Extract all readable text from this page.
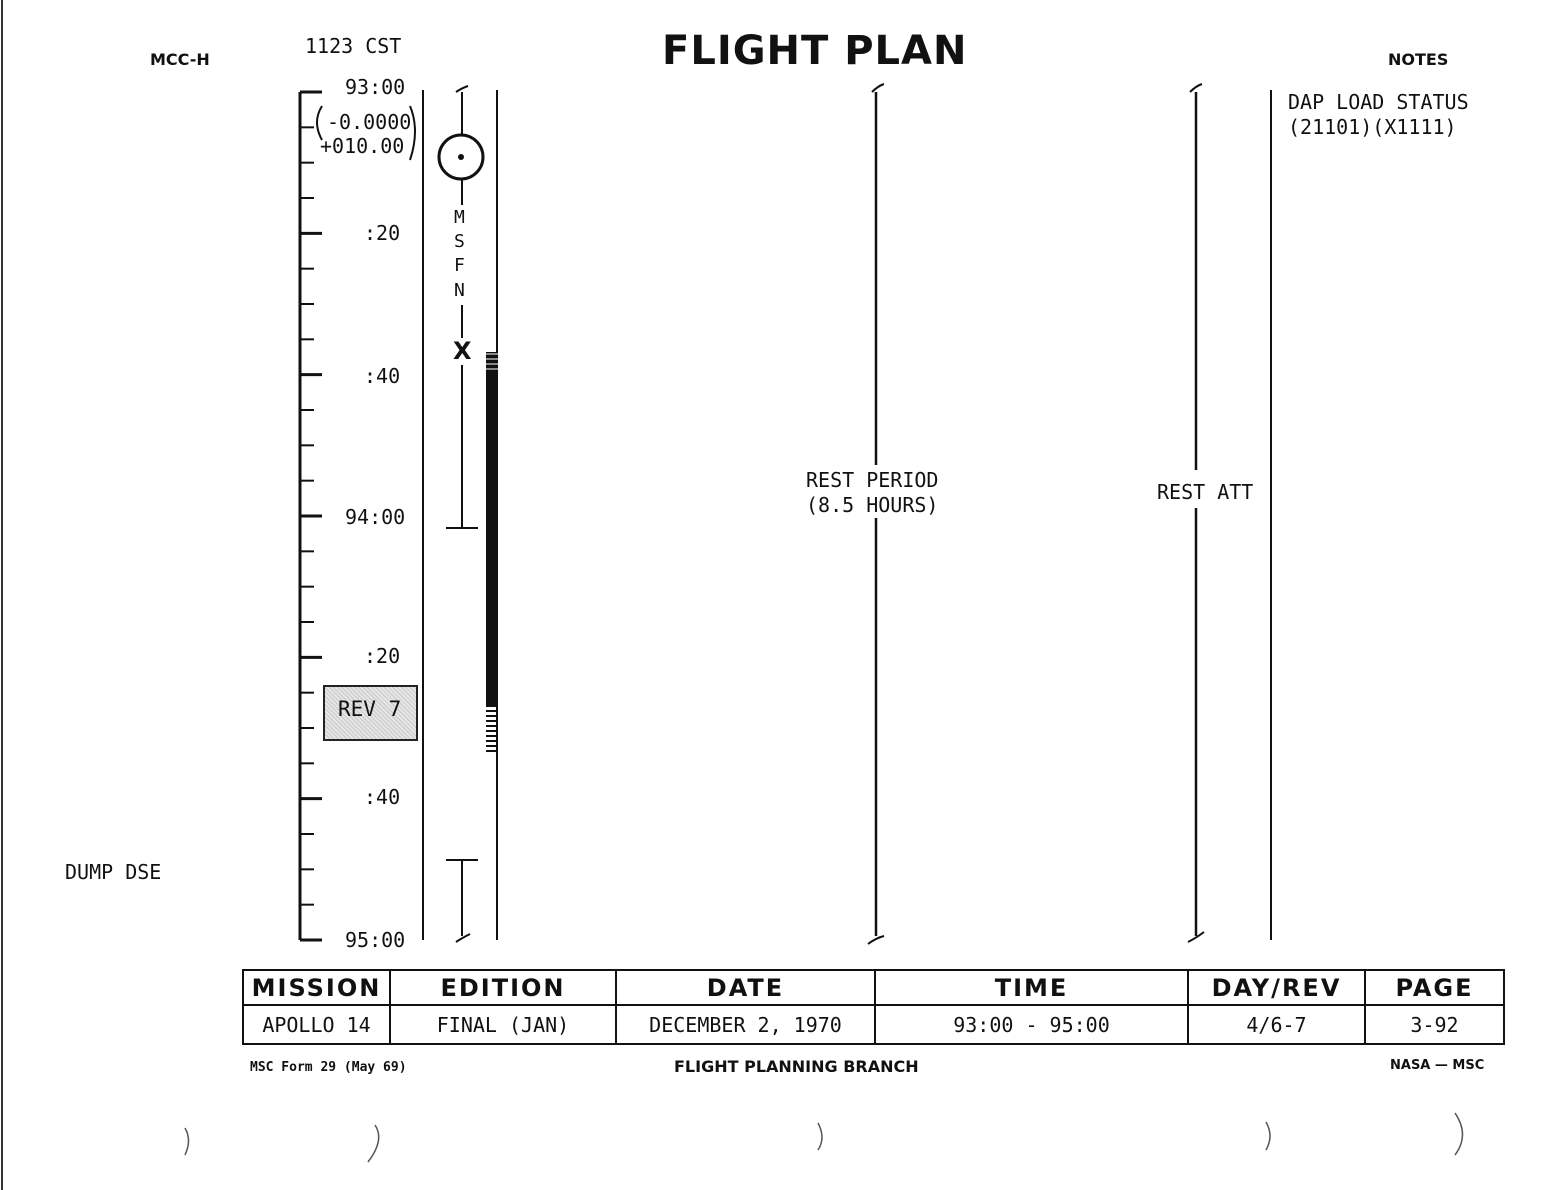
MCC-H
1123 CST	FLIGHT PLAN	NOTES
-0.0000
+010.00
93:00
:20
:40
94:00
:20
:40
95:00
M
S
F
N
X
REV 7
REST PERIOD
(8.5 HOURS)
REST ATT
DAP LOAD STATUS
(21101)(X1111)
DUMP DSE
MISSION	EDITION	DATE	TIME	DAY/REV	PAGE
APOLLO 14	FINAL (JAN)	DECEMBER 2, 1970	93:00 - 95:00	4/6-7	3-92
MSC Form 29 (May 69)	FLIGHT PLANNING BRANCH	NASA — MSC
